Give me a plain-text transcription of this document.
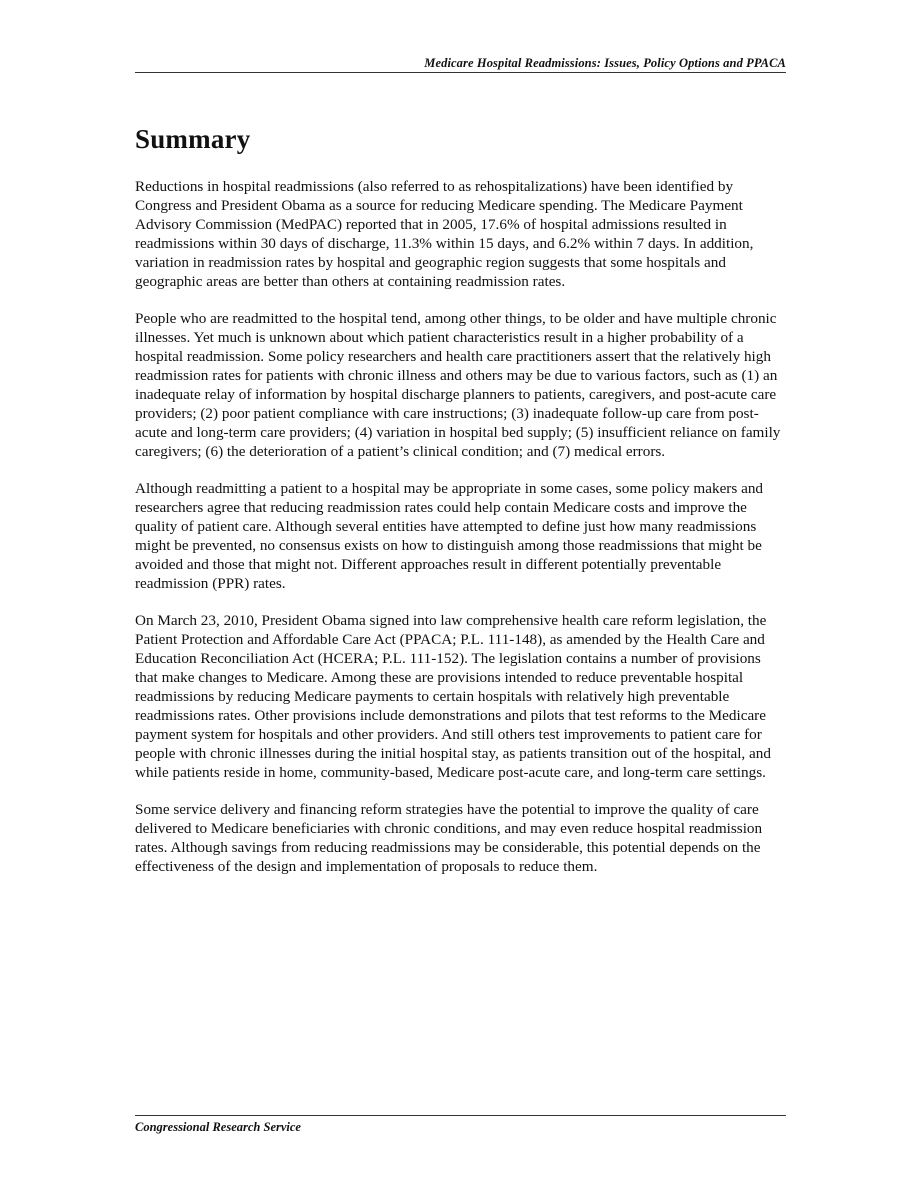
Medicare Hospital Readmissions: Issues, Policy Options and PPACA
Summary

Reductions in hospital readmissions (also referred to as rehospitalizations) have been identified by Congress and President Obama as a source for reducing Medicare spending. The Medicare Payment Advisory Commission (MedPAC) reported that in 2005, 17.6% of hospital admissions resulted in readmissions within 30 days of discharge, 11.3% within 15 days, and 6.2% within 7 days. In addition, variation in readmission rates by hospital and geographic region suggests that some hospitals and geographic areas are better than others at containing readmission rates.

People who are readmitted to the hospital tend, among other things, to be older and have multiple chronic illnesses. Yet much is unknown about which patient characteristics result in a higher probability of a hospital readmission. Some policy researchers and health care practitioners assert that the relatively high readmission rates for patients with chronic illness and others may be due to various factors, such as (1) an inadequate relay of information by hospital discharge planners to patients, caregivers, and post-acute care providers; (2) poor patient compliance with care instructions; (3) inadequate follow-up care from post-acute and long-term care providers; (4) variation in hospital bed supply; (5) insufficient reliance on family caregivers; (6) the deterioration of a patient’s clinical condition; and (7) medical errors.

Although readmitting a patient to a hospital may be appropriate in some cases, some policy makers and researchers agree that reducing readmission rates could help contain Medicare costs and improve the quality of patient care. Although several entities have attempted to define just how many readmissions might be prevented, no consensus exists on how to distinguish among those readmissions that might be avoided and those that might not. Different approaches result in different potentially preventable readmission (PPR) rates.

On March 23, 2010, President Obama signed into law comprehensive health care reform legislation, the Patient Protection and Affordable Care Act (PPACA; P.L. 111-148), as amended by the Health Care and Education Reconciliation Act (HCERA; P.L. 111-152). The legislation contains a number of provisions that make changes to Medicare. Among these are provisions intended to reduce preventable hospital readmissions by reducing Medicare payments to certain hospitals with relatively high preventable readmissions rates. Other provisions include demonstrations and pilots that test reforms to the Medicare payment system for hospitals and other providers. And still others test improvements to patient care for people with chronic illnesses during the initial hospital stay, as patients transition out of the hospital, and while patients reside in home, community-based, Medicare post-acute care, and long-term care settings.

Some service delivery and financing reform strategies have the potential to improve the quality of care delivered to Medicare beneficiaries with chronic conditions, and may even reduce hospital readmission rates. Although savings from reducing readmissions may be considerable, this potential depends on the effectiveness of the design and implementation of proposals to reduce them.

Congressional Research Service
